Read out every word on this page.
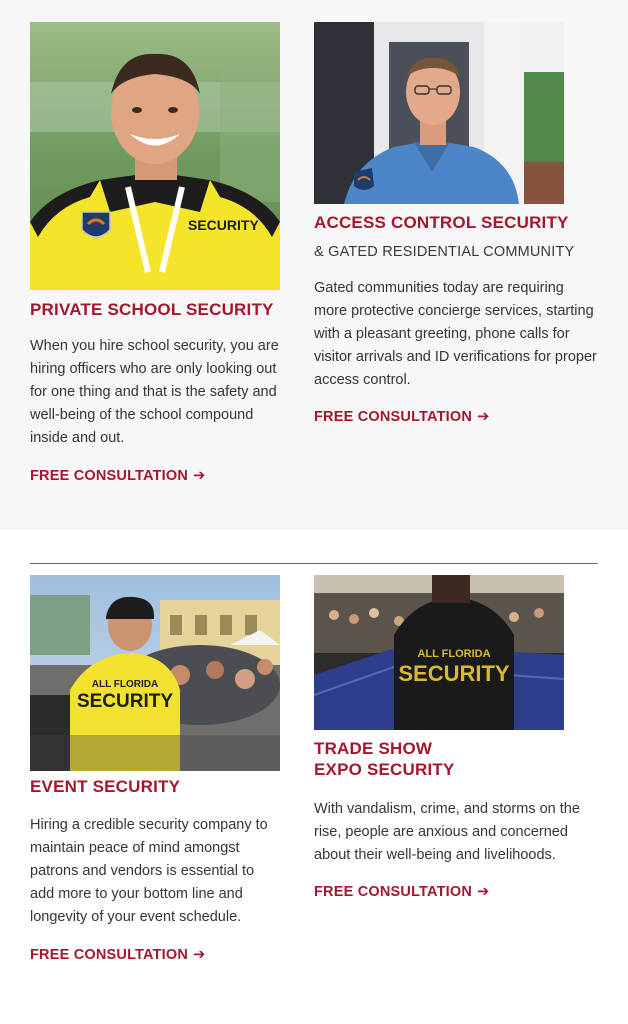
SECURITY
PRIVATE SCHOOL SECURITY
When you hire school security, you are hiring officers who are only looking out for one thing and that is the safety and well-being of the school compound inside and out.
FREE CONSULTATION ➔
ACCESS CONTROL SECURITY
& GATED RESIDENTIAL COMMUNITY
Gated communities today are requiring more protective concierge services, starting with a pleasant greeting, phone calls for visitor arrivals and ID verifications for proper access control.
FREE CONSULTATION ➔
ALL FLORIDA
SECURITY
EVENT SECURITY
Hiring a credible security company to maintain peace of mind amongst patrons and vendors is essential to add more to your bottom line and longevity of your event schedule.
FREE CONSULTATION ➔
ALL FLORIDA
SECURITY
TRADE SHOW
EXPO SECURITY
With vandalism, crime, and storms on the rise, people are anxious and concerned about their well-being and livelihoods.
FREE CONSULTATION ➔
